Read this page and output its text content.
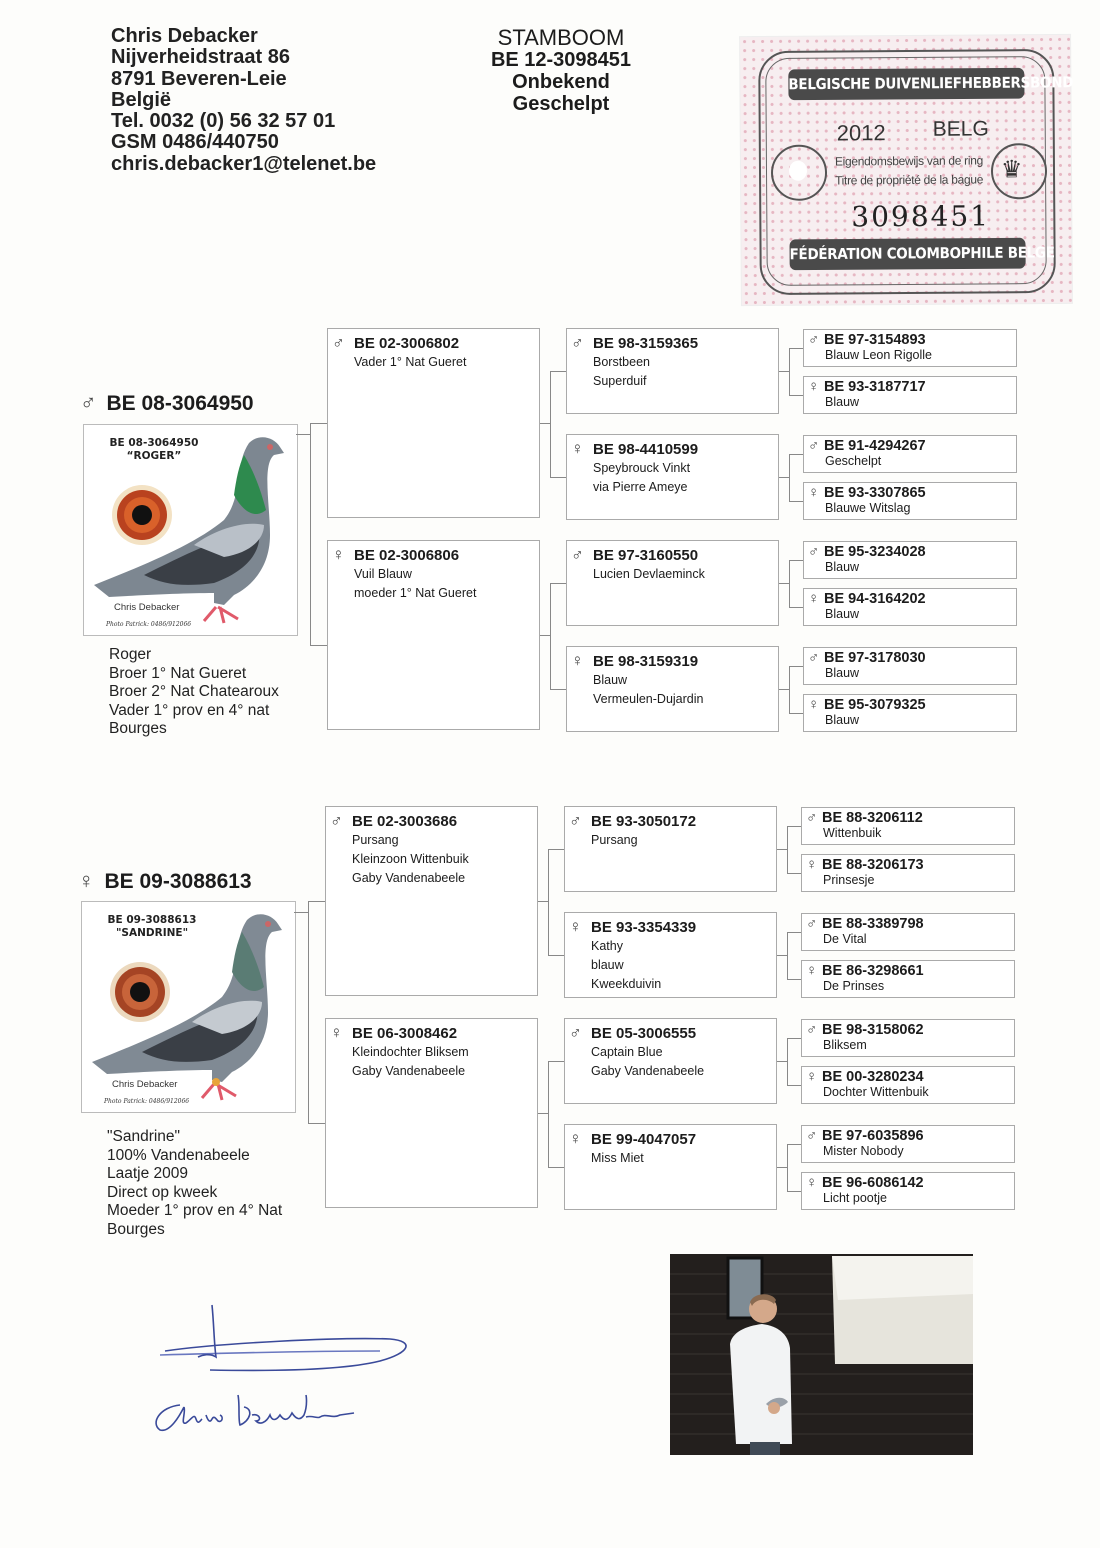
Chris Debacker
Nijverheidstraat 86
8791 Beveren-Leie
België
Tel. 0032 (0) 56 32 57 01
GSM 0486/440750
chris.debacker1@telenet.be
STAMBOOM
BE 12-3098451
Onbekend
Geschelpt
BELGISCHE DUIVENLIEFHEBBERSBOND
2012 BELG
♛
Eigendomsbewijs van de ring
Titre de propriété de la bague
3098451
FÉDÉRATION COLOMBOPHILE BELGE
♂ BE 08-3064950
BE 08-3064950
“ROGER”
Chris Debacker
Photo Patrick: 0486/912066
Roger
Broer 1° Nat Gueret
Broer 2° Nat Chatearoux
Vader 1° prov en 4° nat
Bourges
♀ BE 09-3088613
BE 09-3088613
"SANDRINE"
Chris Debacker
Photo Patrick: 0486/912066
"Sandrine"
100% Vandenabeele
Laatje 2009
Direct op kweek
Moeder 1° prov en 4° Nat
Bourges
♂ BE 02-3006802
Vader 1° Nat Gueret
♀ BE 02-3006806
Vuil Blauw
moeder 1° Nat Gueret
♂ BE 98-3159365
Borstbeen
Superduif
♀ BE 98-4410599
Speybrouck Vinkt
via Pierre Ameye
♂ BE 97-3160550
Lucien Devlaeminck
♀ BE 98-3159319
Blauw
Vermeulen-Dujardin
♂ BE 97-3154893
Blauw Leon Rigolle
♀ BE 93-3187717
Blauw
♂ BE 91-4294267
Geschelpt
♀ BE 93-3307865
Blauwe Witslag
♂ BE 95-3234028
Blauw
♀ BE 94-3164202
Blauw
♂ BE 97-3178030
Blauw
♀ BE 95-3079325
Blauw
♂ BE 02-3003686
Pursang
Kleinzoon Wittenbuik
Gaby Vandenabeele
♀ BE 06-3008462
Kleindochter Bliksem
Gaby Vandenabeele
♂ BE 93-3050172
Pursang
♀ BE 93-3354339
Kathy
blauw
Kweekduivin
♂ BE 05-3006555
Captain Blue
Gaby Vandenabeele
♀ BE 99-4047057
Miss Miet
♂ BE 88-3206112
Wittenbuik
♀ BE 88-3206173
Prinsesje
♂ BE 88-3389798
De Vital
♀ BE 86-3298661
De Prinses
♂ BE 98-3158062
Bliksem
♀ BE 00-3280234
Dochter Wittenbuik
♂ BE 97-6035896
Mister Nobody
♀ BE 96-6086142
Licht pootje
